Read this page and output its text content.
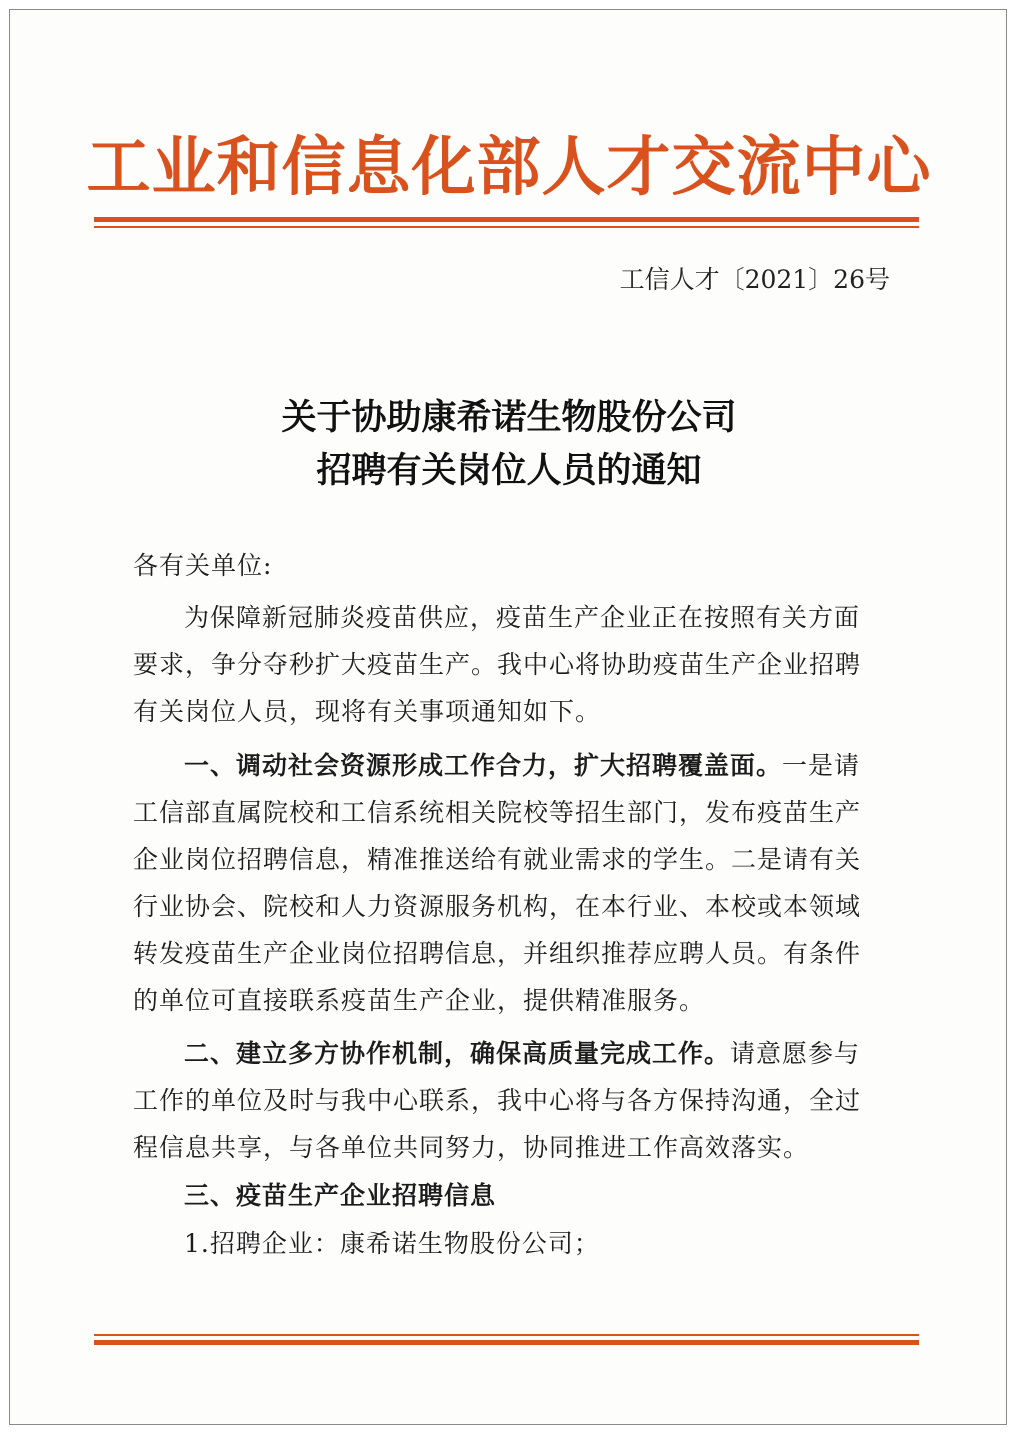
工业和信息化部人才交流中心
工信人才〔2021〕26号
关于协助康希诺生物股份公司
招聘有关岗位人员的通知
各有关单位:
为保障新冠肺炎疫苗供应，疫苗生产企业正在按照有关方面
要求，争分夺秒扩大疫苗生产。我中心将协助疫苗生产企业招聘
有关岗位人员，现将有关事项通知如下。
一、调动社会资源形成工作合力，扩大招聘覆盖面。一是请
工信部直属院校和工信系统相关院校等招生部门，发布疫苗生产
企业岗位招聘信息，精准推送给有就业需求的学生。二是请有关
行业协会、院校和人力资源服务机构，在本行业、本校或本领域
转发疫苗生产企业岗位招聘信息，并组织推荐应聘人员。有条件
的单位可直接联系疫苗生产企业，提供精准服务。
二、建立多方协作机制，确保高质量完成工作。请意愿参与
工作的单位及时与我中心联系，我中心将与各方保持沟通，全过
程信息共享，与各单位共同努力，协同推进工作高效落实。
三、疫苗生产企业招聘信息
1.招聘企业：康希诺生物股份公司；
